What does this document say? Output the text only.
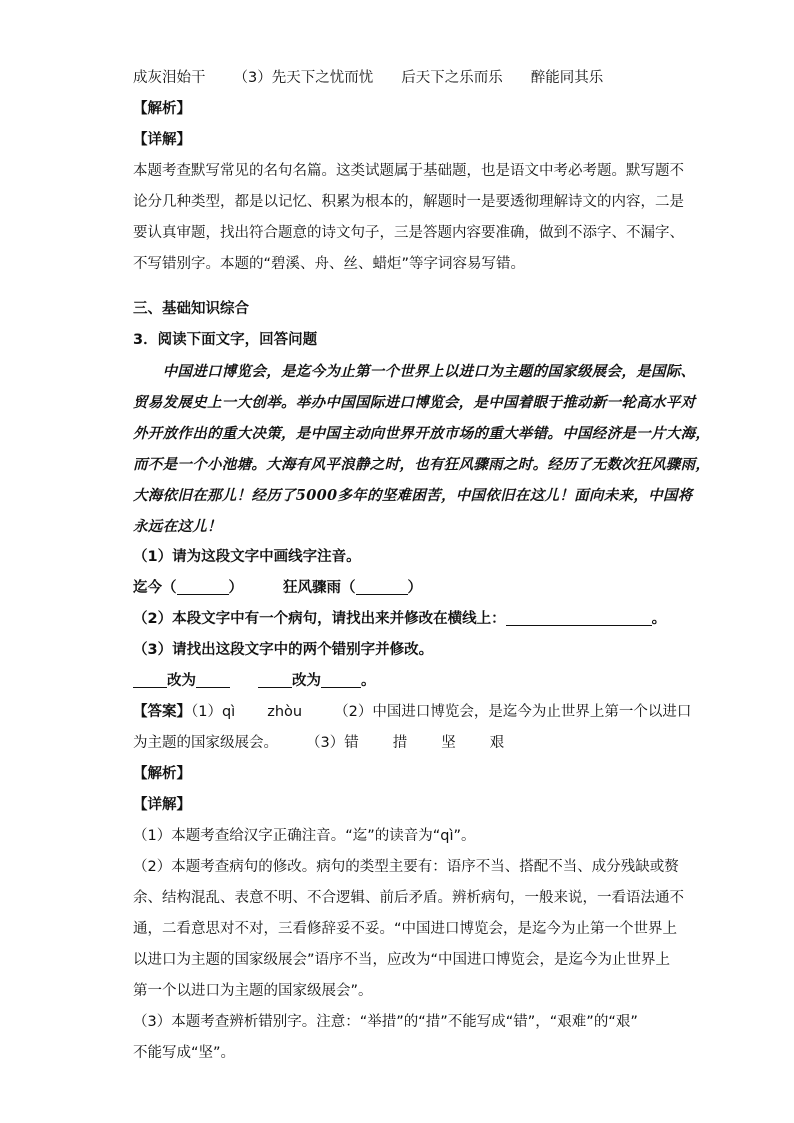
成灰泪始干 （3）先天下之忧而忧 后天下之乐而乐 醉能同其乐
【解析】
【详解】
本题考查默写常见的名句名篇。这类试题属于基础题，也是语文中考必考题。默写题不
论分几种类型，都是以记忆、积累为根本的，解题时一是要透彻理解诗文的内容，二是
要认真审题，找出符合题意的诗文句子，三是答题内容要准确，做到不添字、不漏字、
不写错别字。本题的“碧溪、舟、丝、蜡炬”等字词容易写错。
三、基础知识综合
3．阅读下面文字，回答问题
　　中国进口博览会，是迄今为止第一个世界上以进口为主题的国家级展会，是国际、
贸易发展史上一大创举。举办中国国际进口博览会，是中国着眼于推动新一轮高水平对
外开放作出的重大决策，是中国主动向世界开放市场的重大举错。中国经济是一片大海，
而不是一个小池塘。大海有风平浪静之时，也有狂风骤雨之时。经历了无数次狂风骤雨，
大海依旧在那儿！经历了5000多年的坚难困苦，中国依旧在这儿！面向未来，中国将
永远在这儿！
（1）请为这段文字中画线字注音。
迄今（	）	狂风骤雨（	）
（2）本段文字中有一个病句，请找出来并修改在横线上：	。
（3）请找出这段文字中的两个错别字并修改。
改为	改为	。
【答案】（1）qì zhòu （2）中国进口博览会，是迄今为止世界上第一个以进口
为主题的国家级展会。 （3）错 措 坚 艰
【解析】
【详解】
（1）本题考查给汉字正确注音。“迄”的读音为“qì”。
（2）本题考查病句的修改。病句的类型主要有：语序不当、搭配不当、成分残缺或赘
余、结构混乱、表意不明、不合逻辑、前后矛盾。辨析病句，一般来说，一看语法通不
通，二看意思对不对，三看修辞妥不妥。“中国进口博览会，是迄今为止第一个世界上
以进口为主题的国家级展会”语序不当，应改为“中国进口博览会，是迄今为止世界上
第一个以进口为主题的国家级展会”。
（3）本题考查辨析错别字。注意：“举措”的“措”不能写成“错”，“艰难”的“艰”
不能写成“坚”。
